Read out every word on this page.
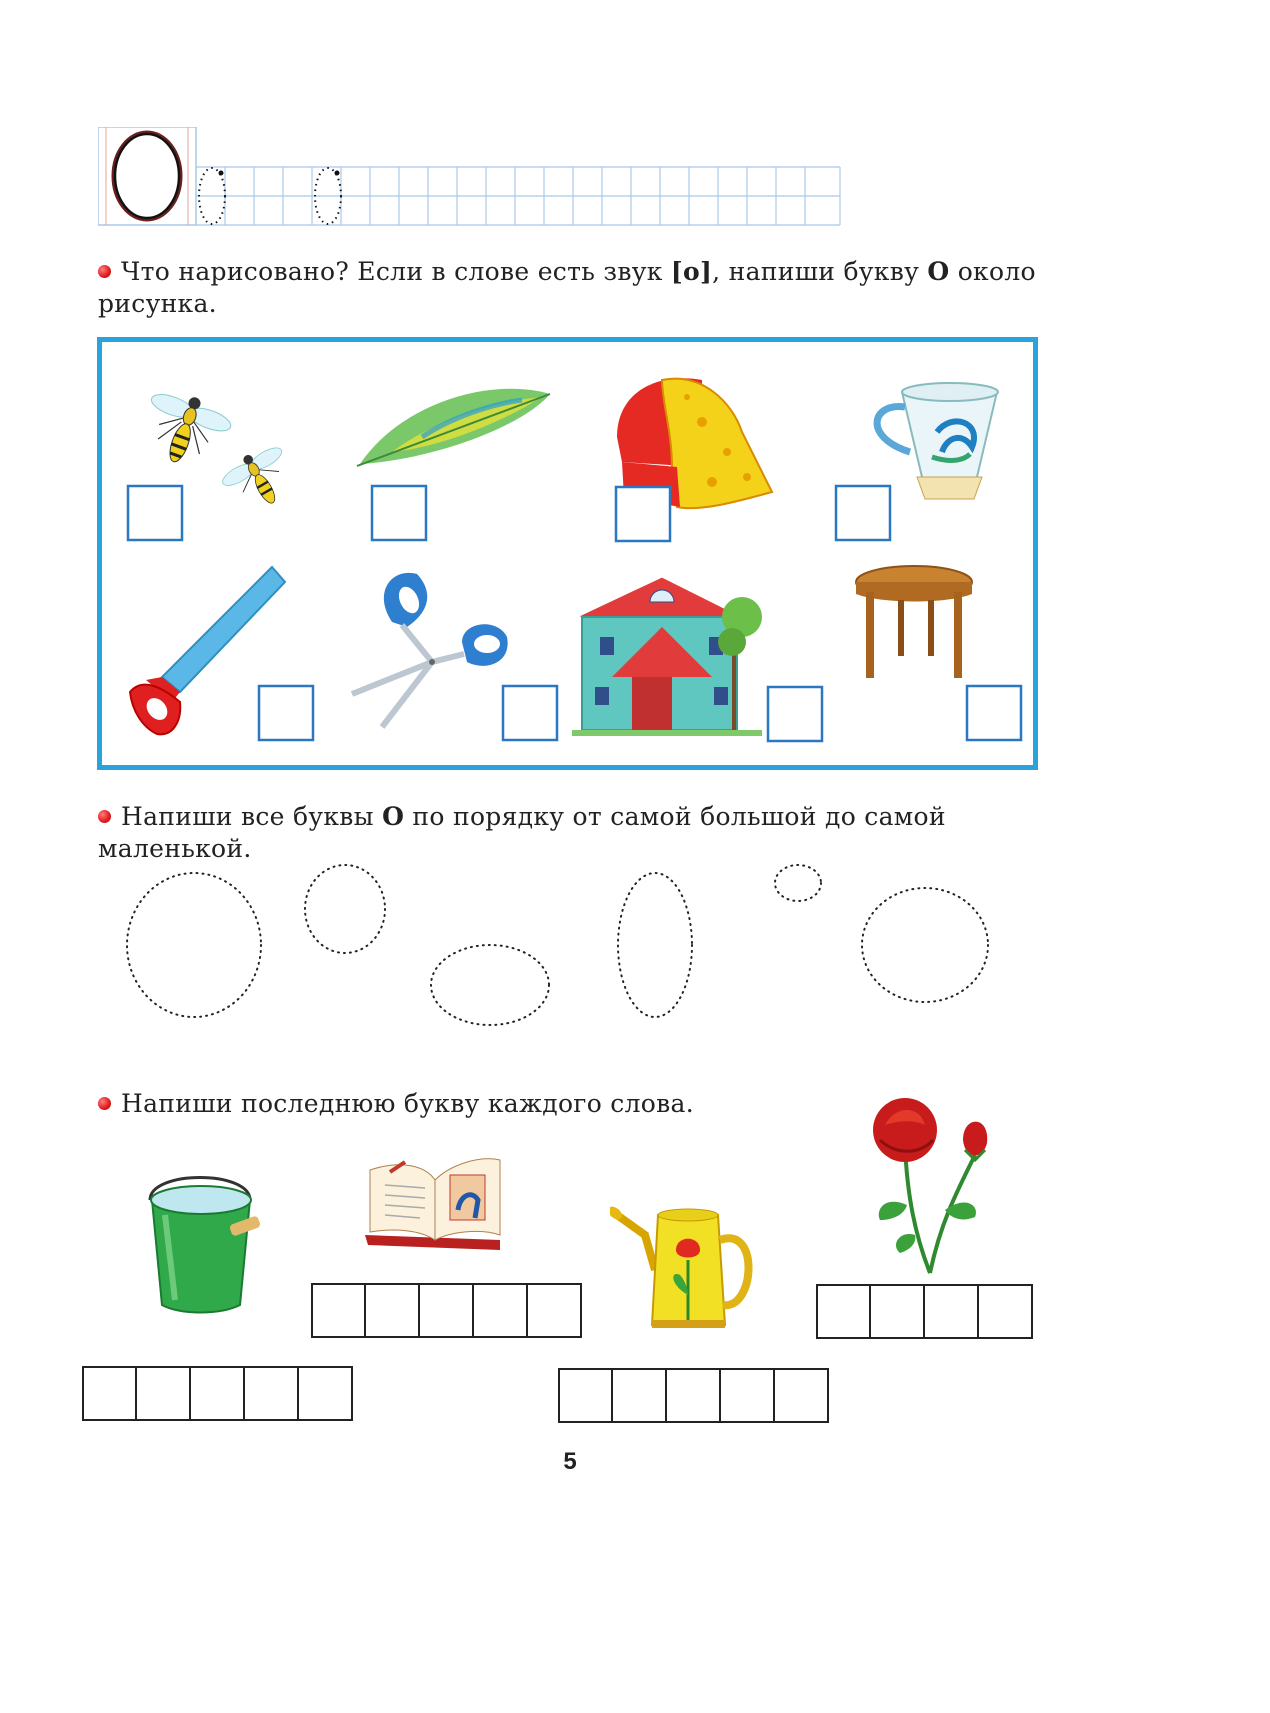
Что нарисовано? Если в слове есть звук [о], напиши букву О около
рисунка.
Напиши все буквы О по порядку от самой большой до самой маленькой.
Напиши последнюю букву каждого слова.
5
